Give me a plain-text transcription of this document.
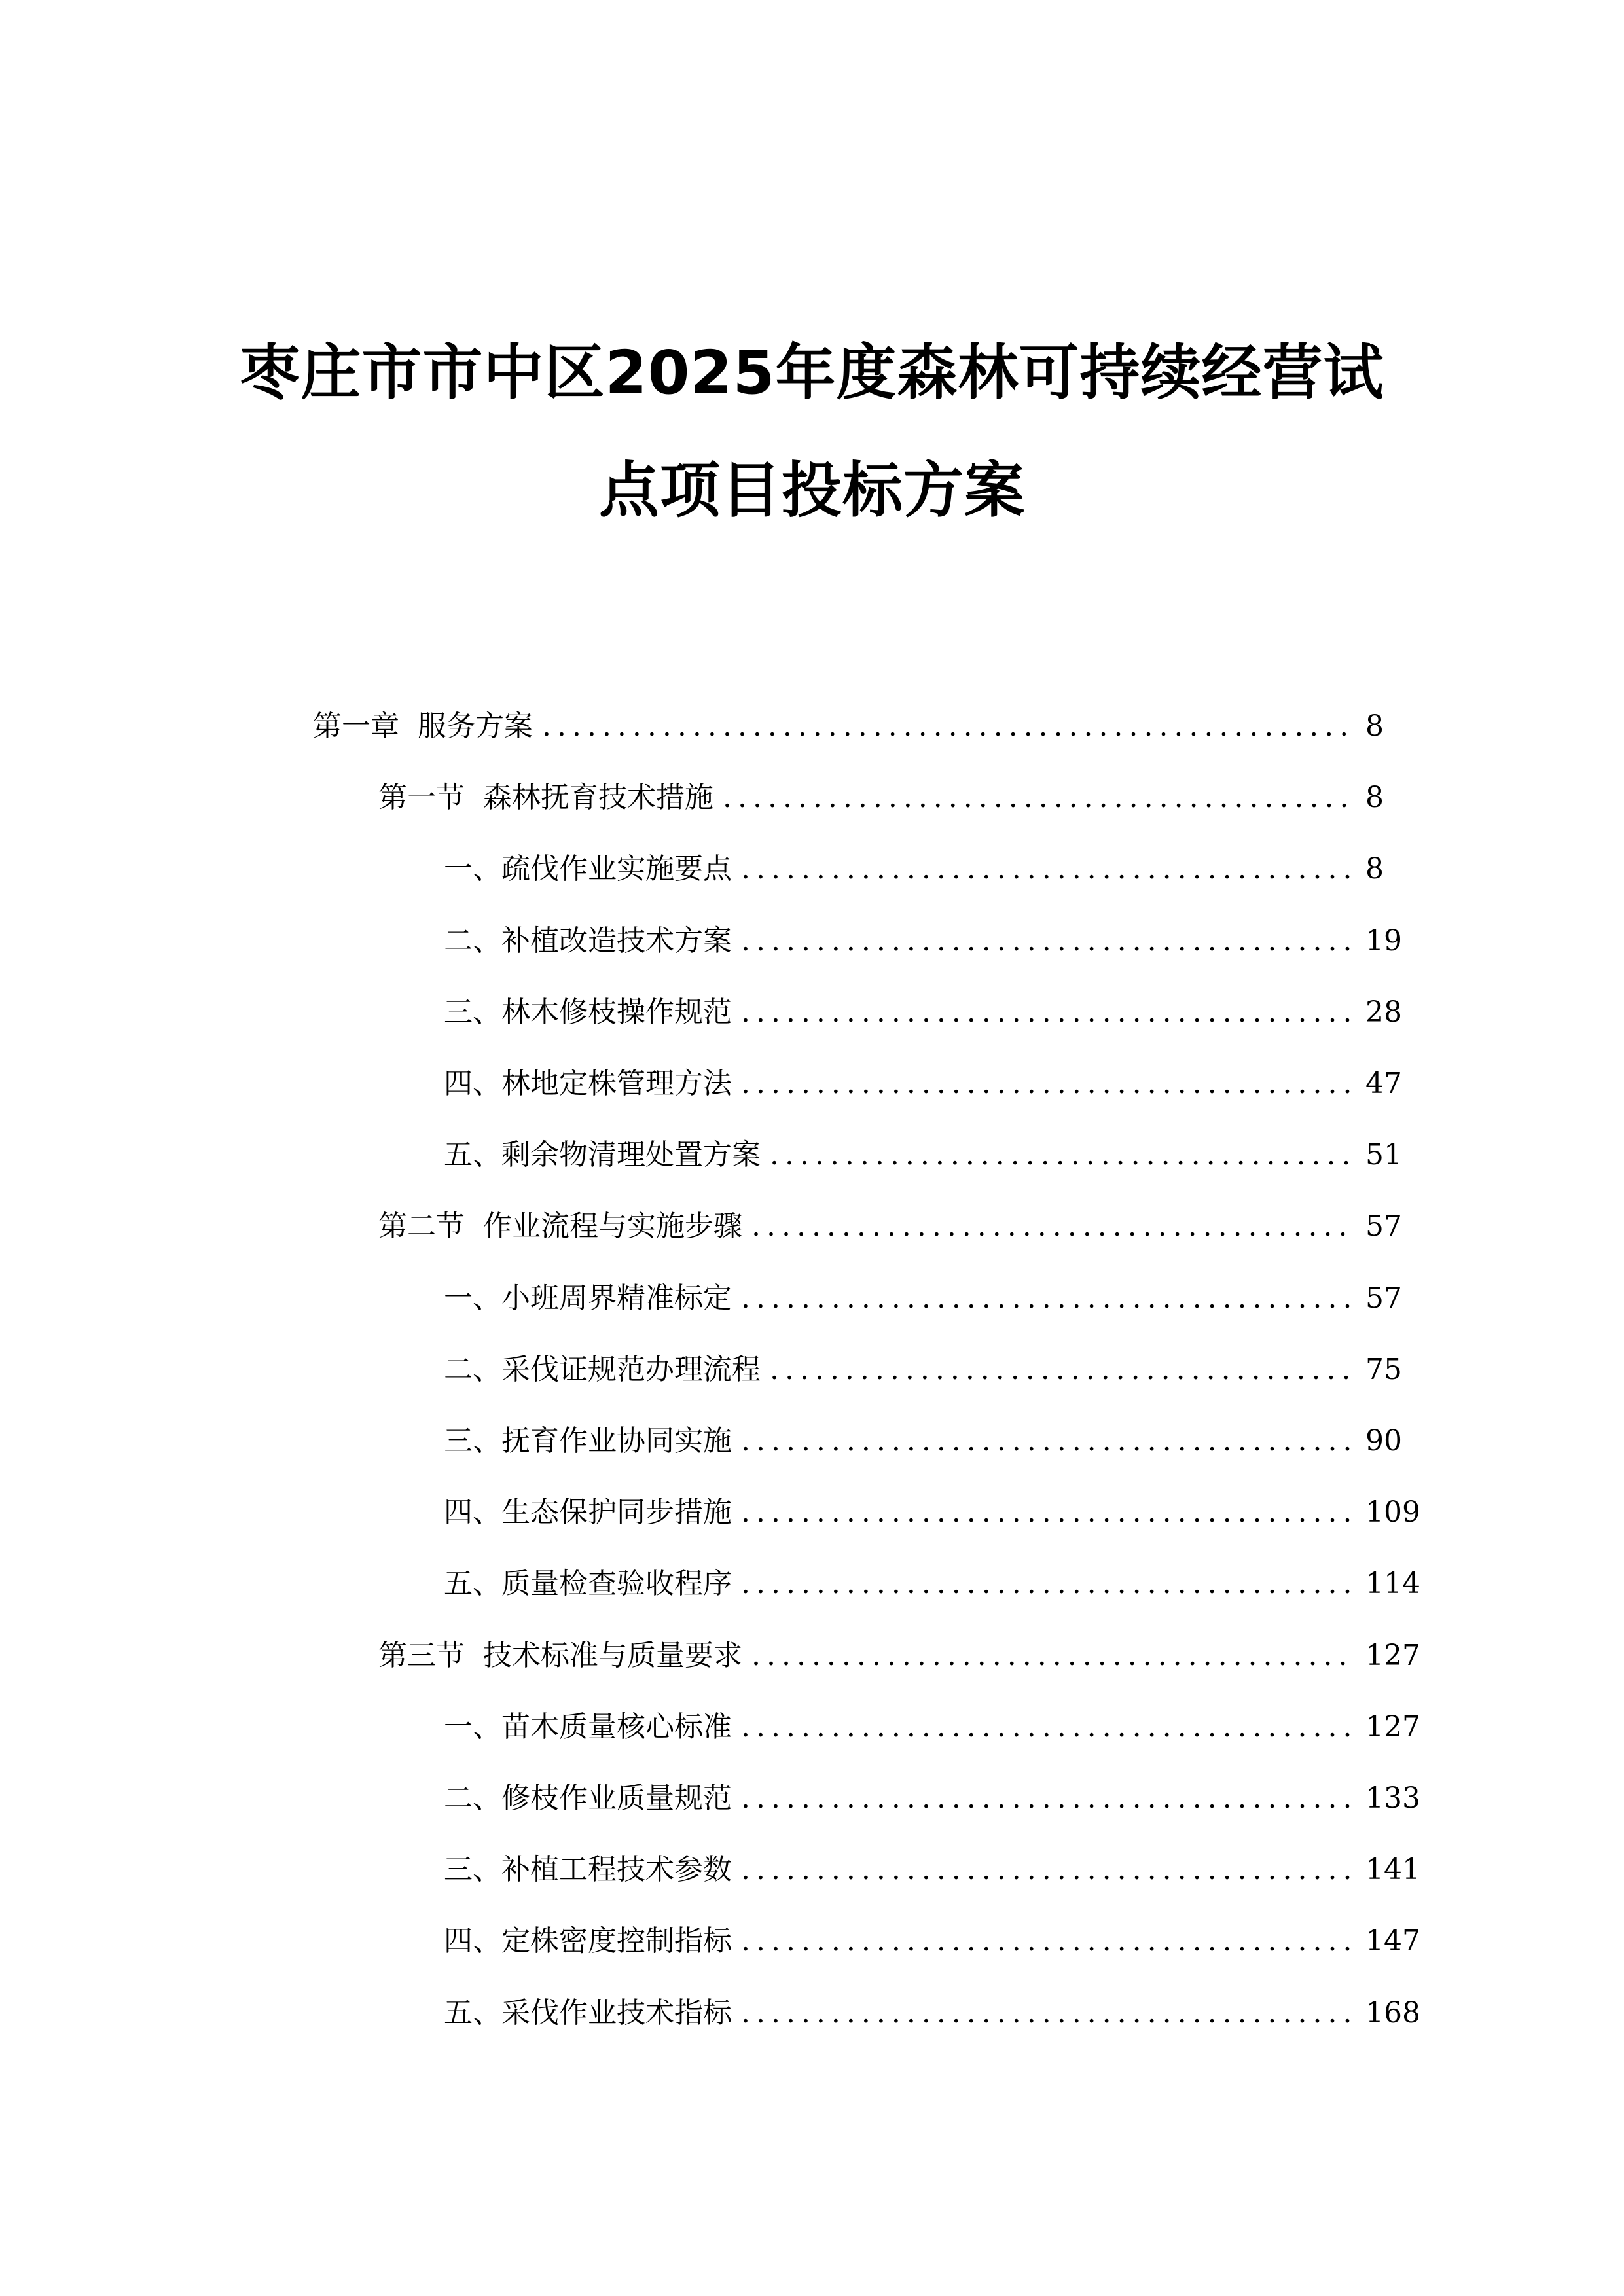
枣庄市市中区2025年度森林可持续经营试
点项目投标方案
第一章 服务方案 .....	8
第一节 森林抚育技术措施 .....	8
一、 疏伐作业实施要点 .....	8
二、 补植改造技术方案 .....	19
三、 林木修枝操作规范 .....	28
四、 林地定株管理方法 .....	47
五、 剩余物清理处置方案 .....	51
第二节 作业流程与实施步骤 .....	57
一、 小班周界精准标定 .....	57
二、 采伐证规范办理流程 .....	75
三、 抚育作业协同实施 .....	90
四、 生态保护同步措施 .....	109
五、 质量检查验收程序 .....	114
第三节 技术标准与质量要求 .....	127
一、 苗木质量核心标准 .....	127
二、 修枝作业质量规范 .....	133
三、 补植工程技术参数 .....	141
四、 定株密度控制指标 .....	147
五、 采伐作业技术指标 .....	168
